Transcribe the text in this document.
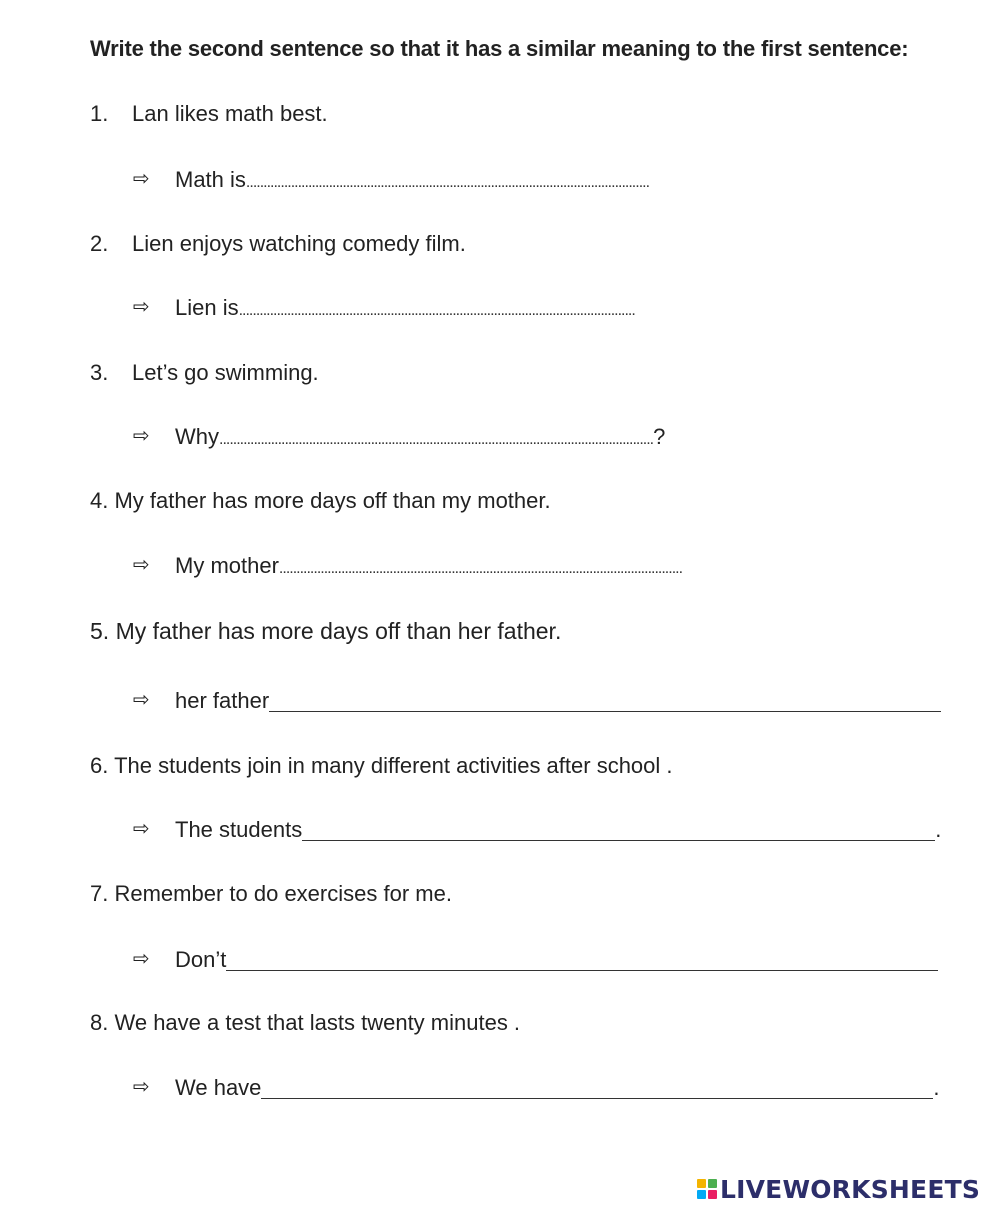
Write the second sentence so that it has a similar meaning to the first sentence:
1. Lan likes math best.
⇨	Math is .....................................................................................................................
2. Lien enjoys watching comedy film.
⇨	Lien is ...................................................................................................................
3. Let’s go swimming.
⇨	Why .............................................................................................................................. ?
4. My father has more days off than my mother.
⇨	My mother .....................................................................................................................
5. My father has more days off than her father.
⇨	her father
6. The students join in many different activities after school .
⇨	The students	.
7. Remember to do exercises for me.
⇨	Don’t
8. We have a test that lasts twenty minutes .
⇨	We have	.
LIVEWORKSHEETS
